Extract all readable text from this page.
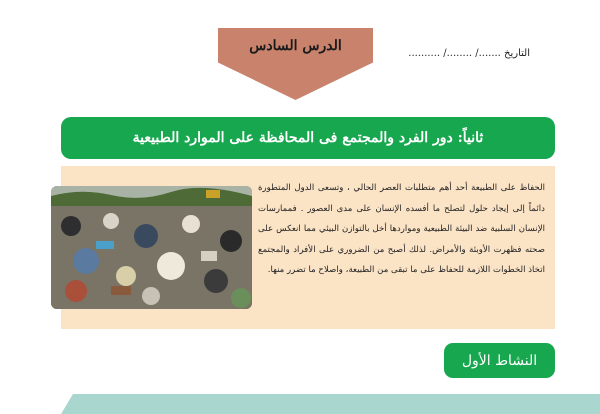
الدرس السادس	التاريخ ......./ ......../ ..........
ثانياً: دور الفرد والمجتمع فى المحافظة على الموارد الطبيعية
الحفاظ على الطبيعة أحد أهم متطلبات العصر الحالي ، وتسعى الدول المتطورة دائماً إلى إيجاد حلول لتصلح ما أفسده الإنسان على مدى العصور . فممارسات الإنسان السلبية ضد البيئة الطبيعية ومواردها أخل بالتوازن البيئي مما انعكس على صحته فظهرت الأوبئة والأمراض. لذلك أصبح من الضروري على الأفراد والمجتمع اتخاذ الخطوات اللازمة للحفاظ على ما تبقى من الطبيعة، واصلاح ما تضرر منها.
النشاط الأول
